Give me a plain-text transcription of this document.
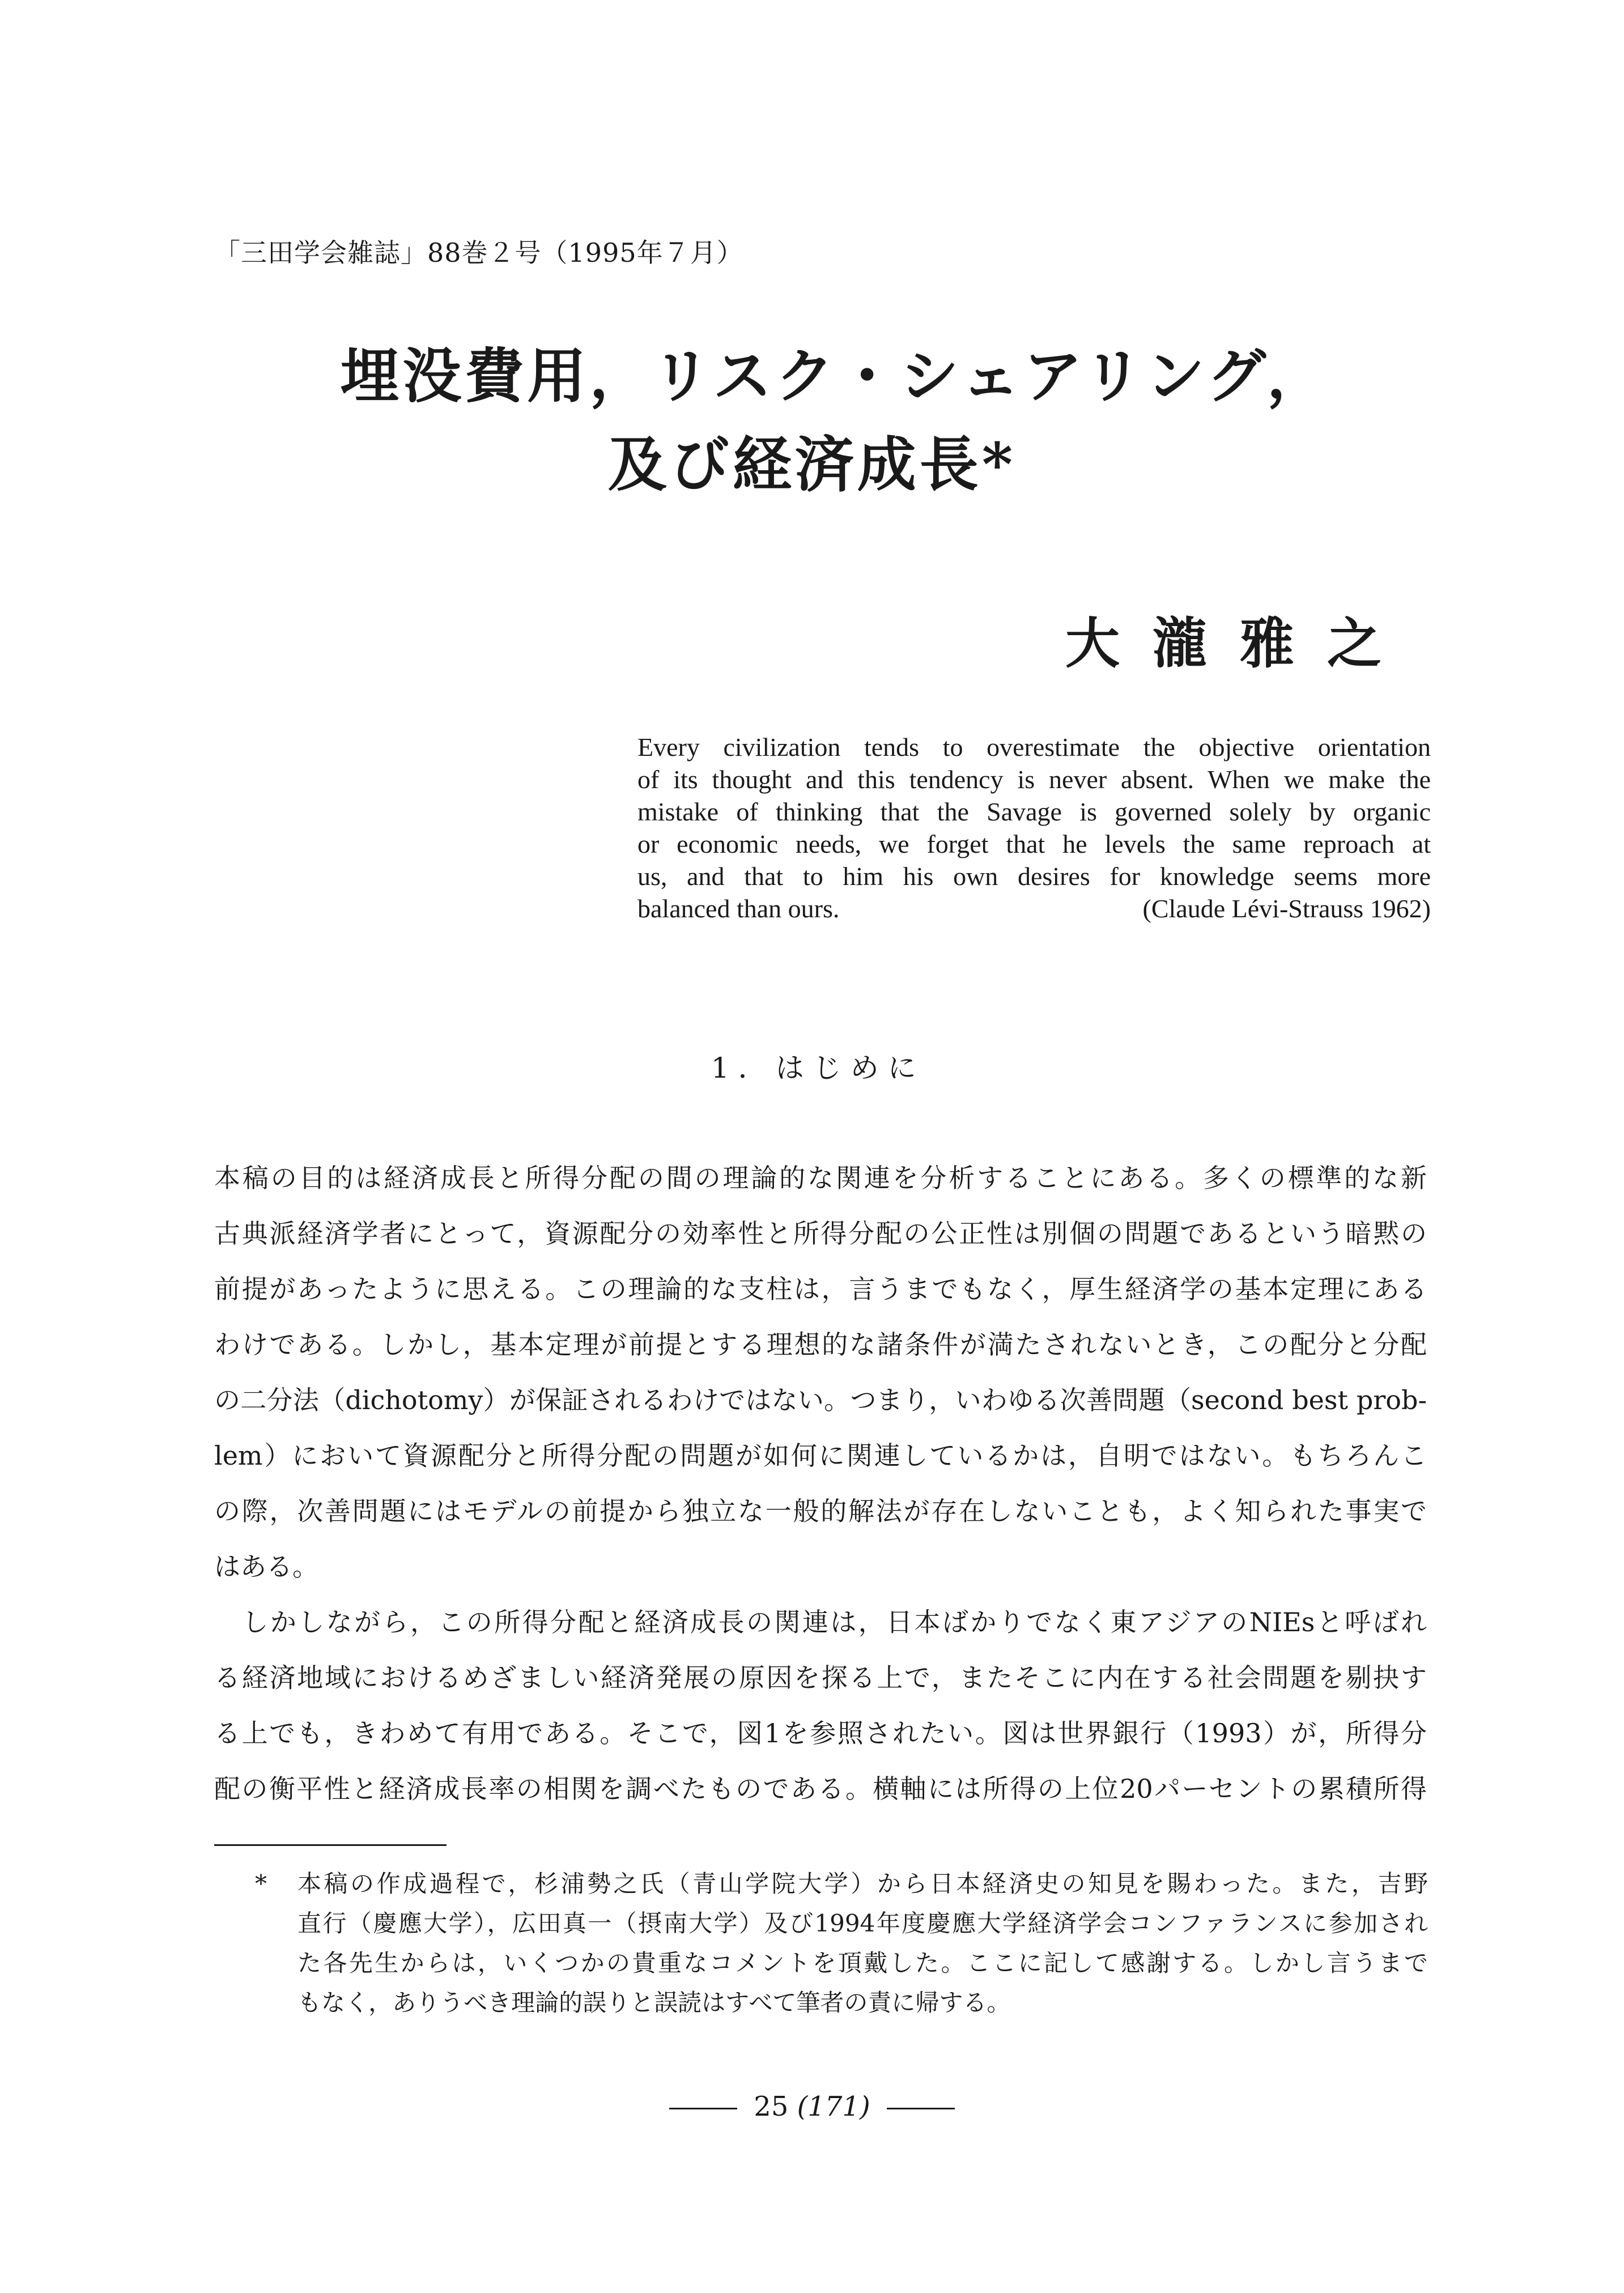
「三田学会雑誌」88巻２号（1995年７月）
埋没費用，リスク・シェアリング，
及び経済成長*
大瀧雅之
Every civilization tends to overestimate the objective orientation
of its thought and this tendency is never absent. When we make the
mistake of thinking that the Savage is governed solely by organic
or economic needs, we forget that he levels the same reproach at
us, and that to him his own desires for knowledge seems more
balanced than ours.	(Claude Lévi-Strauss 1962)
1．はじめに
本稿の目的は経済成長と所得分配の間の理論的な関連を分析することにある。多くの標準的な新
古典派経済学者にとって，資源配分の効率性と所得分配の公正性は別個の問題であるという暗黙の
前提があったように思える。この理論的な支柱は，言うまでもなく，厚生経済学の基本定理にある
わけである。しかし，基本定理が前提とする理想的な諸条件が満たされないとき，この配分と分配
の二分法（dichotomy）が保証されるわけではない。つまり，いわゆる次善問題（second best prob-
lem）において資源配分と所得分配の問題が如何に関連しているかは，自明ではない。もちろんこ
の際，次善問題にはモデルの前提から独立な一般的解法が存在しないことも，よく知られた事実で
はある。
　しかしながら，この所得分配と経済成長の関連は，日本ばかりでなく東アジアのNIEsと呼ばれ
る経済地域におけるめざましい経済発展の原因を探る上で，またそこに内在する社会問題を剔抉す
る上でも，きわめて有用である。そこで，図1を参照されたい。図は世界銀行（1993）が，所得分
配の衡平性と経済成長率の相関を調べたものである。横軸には所得の上位20パーセントの累積所得
* 本稿の作成過程で，杉浦勢之氏（青山学院大学）から日本経済史の知見を賜わった。また，吉野
直行（慶應大学），広田真一（摂南大学）及び1994年度慶應大学経済学会コンファランスに参加され
た各先生からは，いくつかの貴重なコメントを頂戴した。ここに記して感謝する。しかし言うまで
もなく，ありうべき理論的誤りと誤読はすべて筆者の責に帰する。
25 (171)
